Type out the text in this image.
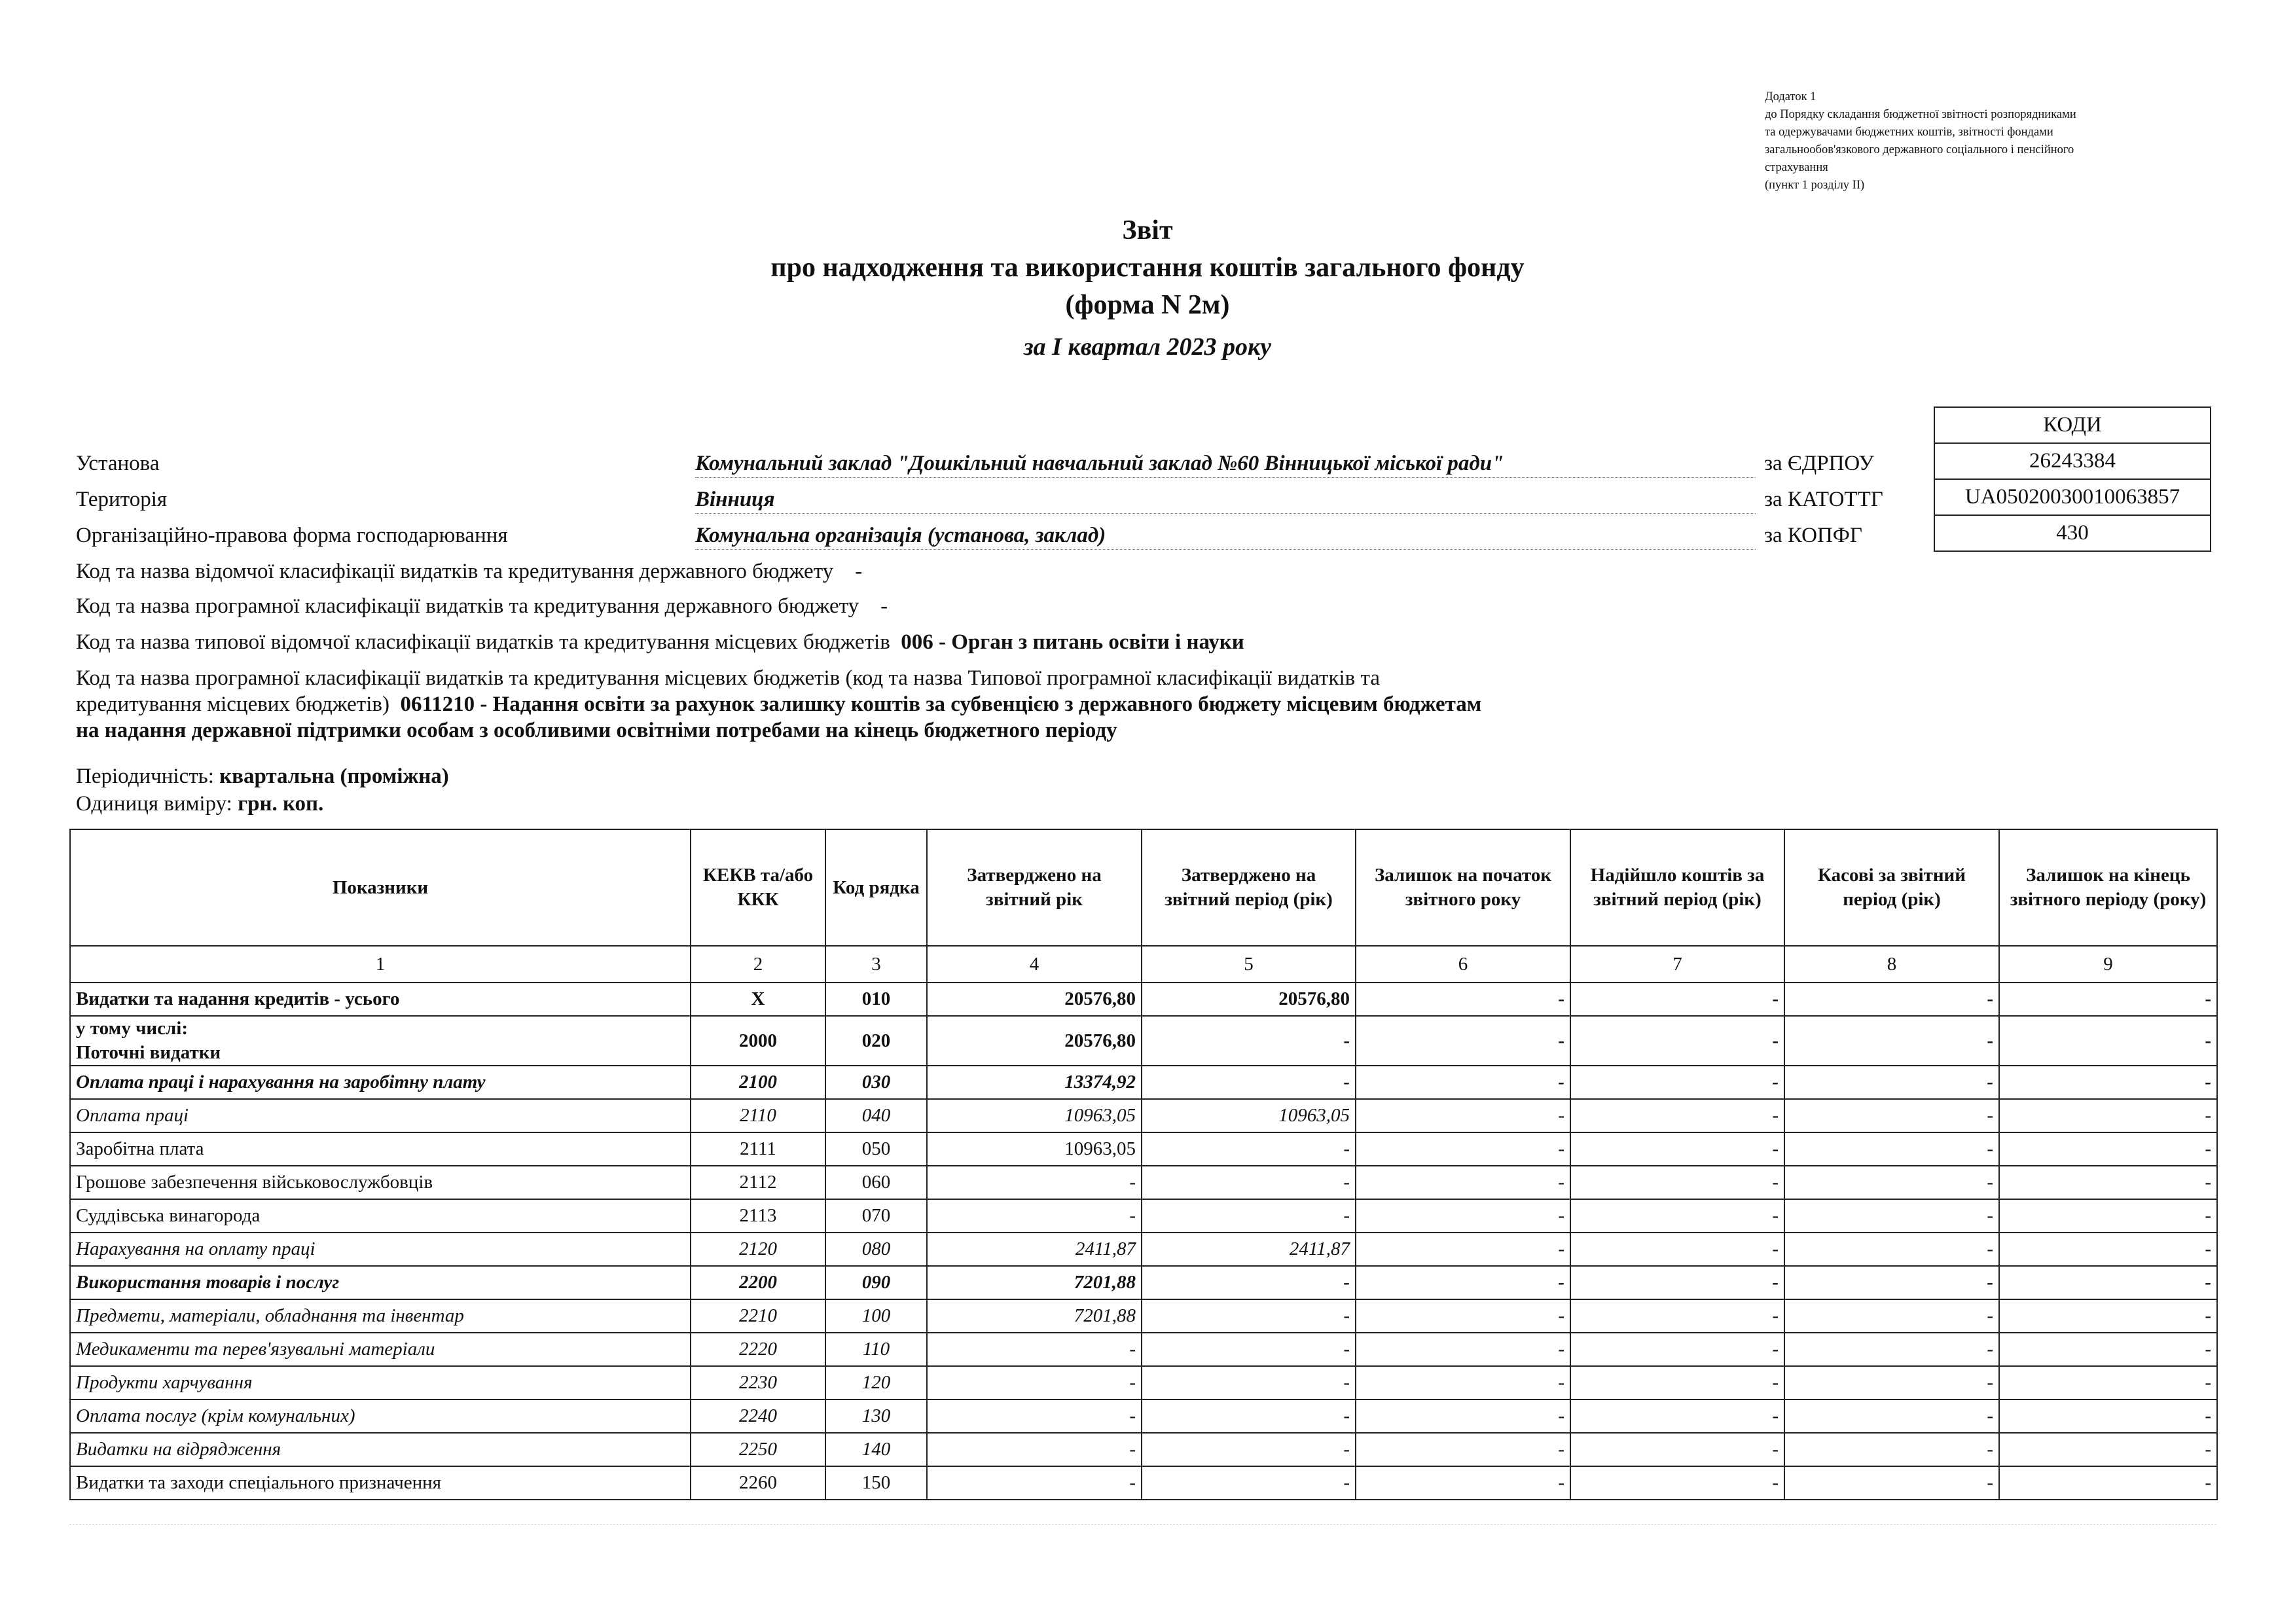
Додаток 1
до Порядку складання бюджетної звітності розпорядниками
та одержувачами бюджетних коштів, звітності фондами
загальнообов'язкового державного соціального і пенсійного
страхування
(пункт 1 розділу II)
Звіт
про надходження та використання коштів загального фонду
(форма N 2м)
за I квартал 2023 року
КОДИ
26243384
UA05020030010063857
430
Установа	Комунальний заклад "Дошкільний навчальний заклад №60 Вінницької міської ради"	за ЄДРПОУ
Територія	Вінниця	за КАТОТТГ
Організаційно-правова форма господарювання	Комунальна організація (установа, заклад)	за КОПФГ
Код та назва відомчої класифікації видатків та кредитування державного бюджету -
Код та назва програмної класифікації видатків та кредитування державного бюджету -
Код та назва типової відомчої класифікації видатків та кредитування місцевих бюджетів 006 - Орган з питань освіти і науки
Код та назва програмної класифікації видатків та кредитування місцевих бюджетів (код та назва Типової програмної класифікації видатків та
кредитування місцевих бюджетів) 0611210 - Надання освіти за рахунок залишку коштів за субвенцією з державного бюджету місцевим бюджетам
на надання державної підтримки особам з особливими освітніми потребами на кінець бюджетного періоду
Періодичність: квартальна (проміжна)
Одиниця виміру: грн. коп.
Показники	КЕКВ та/або ККК	Код рядка	Затверджено на звітний рік	Затверджено на звітний період (рік)	Залишок на початок звітного року	Надійшло коштів за звітний період (рік)	Касові за звітний період (рік)	Залишок на кінець звітного періоду (року)
1	2	3	4	5	6	7	8	9
Видатки та надання кредитів - усього	X	010	20576,80	20576,80	-	-	-	-
у тому числі:
Поточні видатки	2000	020	20576,80	-	-	-	-	-
Оплата праці і нарахування на заробітну плату	2100	030	13374,92	-	-	-	-	-
Оплата праці	2110	040	10963,05	10963,05	-	-	-	-
Заробітна плата	2111	050	10963,05	-	-	-	-	-
Грошове забезпечення військовослужбовців	2112	060	-	-	-	-	-	-
Суддівська винагорода	2113	070	-	-	-	-	-	-
Нарахування на оплату праці	2120	080	2411,87	2411,87	-	-	-	-
Використання товарів і послуг	2200	090	7201,88	-	-	-	-	-
Предмети, матеріали, обладнання та інвентар	2210	100	7201,88	-	-	-	-	-
Медикаменти та перев'язувальні матеріали	2220	110	-	-	-	-	-	-
Продукти харчування	2230	120	-	-	-	-	-	-
Оплата послуг (крім комунальних)	2240	130	-	-	-	-	-	-
Видатки на відрядження	2250	140	-	-	-	-	-	-
Видатки та заходи спеціального призначення	2260	150	-	-	-	-	-	-
